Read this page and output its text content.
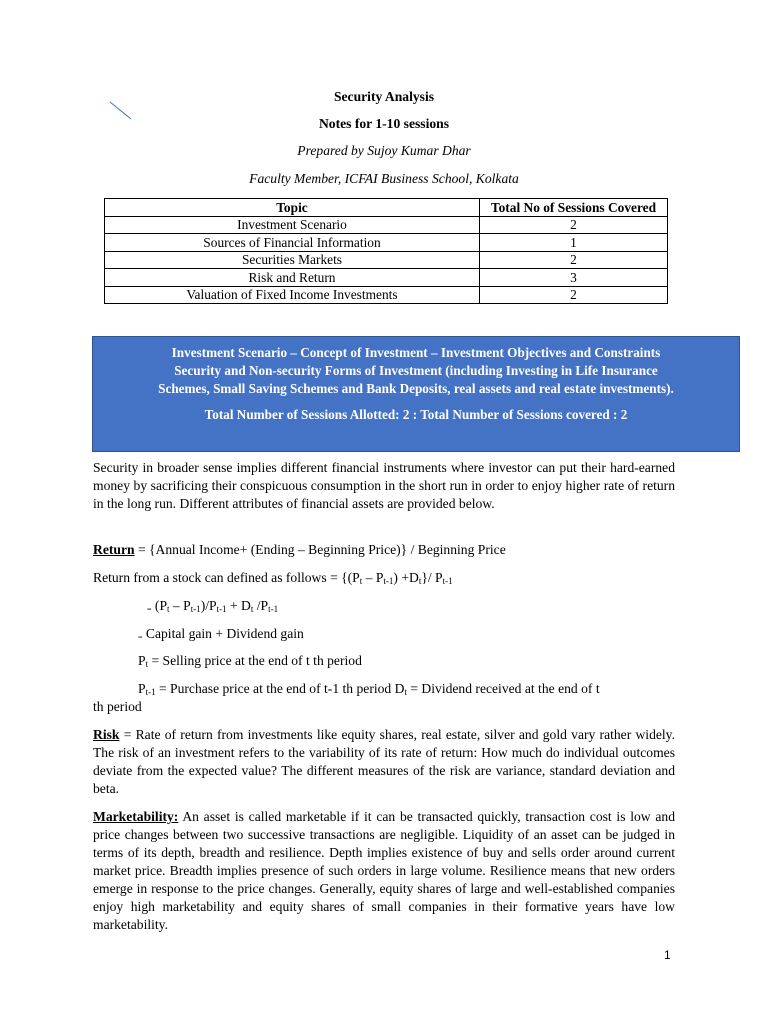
Security Analysis
Notes for 1-10 sessions
Prepared by Sujoy Kumar Dhar
Faculty Member, ICFAI Business School, Kolkata
Topic	Total No of Sessions Covered
Investment Scenario	2
Sources of Financial Information	1
Securities Markets	2
Risk and Return	3
Valuation of Fixed Income Investments	2
Investment Scenario – Concept of Investment – Investment Objectives and Constraints
Security and Non-security Forms of Investment (including Investing in Life Insurance
Schemes, Small Saving Schemes and Bank Deposits, real assets and real estate investments).
Total Number of Sessions Allotted: 2 : Total Number of Sessions covered : 2
Security in broader sense implies different financial instruments where investor can put their hard-earned money by sacrificing their conspicuous consumption in the short run in order to enjoy higher rate of return in the long run. Different attributes of financial assets are provided below.
Return = {Annual Income+ (Ending – Beginning Price)} / Beginning Price
Return from a stock can defined as follows = $\{(P_t - P_{t-1}) +D_t\}/$ $P_{t-1}$
= $(P_t - P_{t-1})/P_{t-1} + D_t$ $/P_{t-1}$
= Capital gain + Dividend gain
$P_t$ = Selling price at the end of t th period
$P_{t-1}$ = Purchase price at the end of t-1 th period $D_t$ = Dividend received at the end of t
th period
Risk = Rate of return from investments like equity shares, real estate, silver and gold vary rather widely. The risk of an investment refers to the variability of its rate of return: How much do individual outcomes deviate from the expected value? The different measures of the risk are variance, standard deviation and beta.
Marketability: An asset is called marketable if it can be transacted quickly, transaction cost is low and price changes between two successive transactions are negligible. Liquidity of an asset can be judged in terms of its depth, breadth and resilience. Depth implies existence of buy and sells order around current market price. Breadth implies presence of such orders in large volume. Resilience means that new orders emerge in response to the price changes. Generally, equity shares of large and well-established companies enjoy high marketability and equity shares of small companies in their formative years have low marketability.
1
